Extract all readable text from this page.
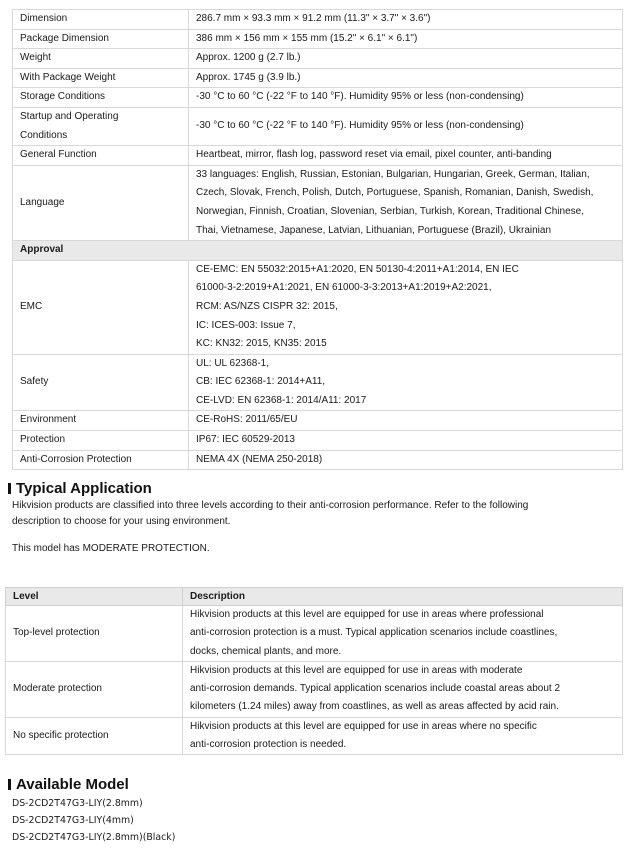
Dimension	286.7 mm × 93.3 mm × 91.2 mm (11.3" × 3.7" × 3.6")

Package Dimension	386 mm × 156 mm × 155 mm (15.2" × 6.1" × 6.1")

Weight	Approx. 1200 g (2.7 lb.)

With Package Weight	Approx. 1745 g (3.9 lb.)

Storage Conditions	-30 °C to 60 °C (-22 °F to 140 °F). Humidity 95% or less (non-condensing)

Startup and Operating
Conditions	-30 °C to 60 °C (-22 °F to 140 °F). Humidity 95% or less (non-condensing)

General Function	Heartbeat, mirror, flash log, password reset via email, pixel counter, anti-banding

Language	33 languages: English, Russian, Estonian, Bulgarian, Hungarian, Greek, German, Italian,
Czech, Slovak, French, Polish, Dutch, Portuguese, Spanish, Romanian, Danish, Swedish,
Norwegian, Finnish, Croatian, Slovenian, Serbian, Turkish, Korean, Traditional Chinese,
Thai, Vietnamese, Japanese, Latvian, Lithuanian, Portuguese (Brazil), Ukrainian

Approval	
EMC	CE-EMC: EN 55032:2015+A1:2020, EN 50130-4:2011+A1:2014, EN IEC
61000-3-2:2019+A1:2021, EN 61000-3-3:2013+A1:2019+A2:2021,
RCM: AS/NZS CISPR 32: 2015,
IC: ICES-003: Issue 7,
KC: KN32: 2015, KN35: 2015

Safety	UL: UL 62368-1,
CB: IEC 62368-1: 2014+A11,
CE-LVD: EN 62368-1: 2014/A11: 2017

Environment	CE-RoHS: 2011/65/EU

Protection	IP67: IEC 60529-2013

Anti-Corrosion Protection	NEMA 4X (NEMA 250-2018)
Typical Application
Hikvision products are classified into three levels according to their anti-corrosion performance. Refer to the following
description to choose for your using environment.
This model has MODERATE PROTECTION.
Level	Description
Top-level protection	Hikvision products at this level are equipped for use in areas where professional
anti-corrosion protection is a must. Typical application scenarios include coastlines,
docks, chemical plants, and more.

Moderate protection	Hikvision products at this level are equipped for use in areas with moderate
anti-corrosion demands. Typical application scenarios include coastal areas about 2
kilometers (1.24 miles) away from coastlines, as well as areas affected by acid rain.

No specific protection	Hikvision products at this level are equipped for use in areas where no specific
anti-corrosion protection is needed.
Available Model
DS-2CD2T47G3-LIY(2.8mm)
DS-2CD2T47G3-LIY(4mm)
DS-2CD2T47G3-LIY(2.8mm)(Black)
